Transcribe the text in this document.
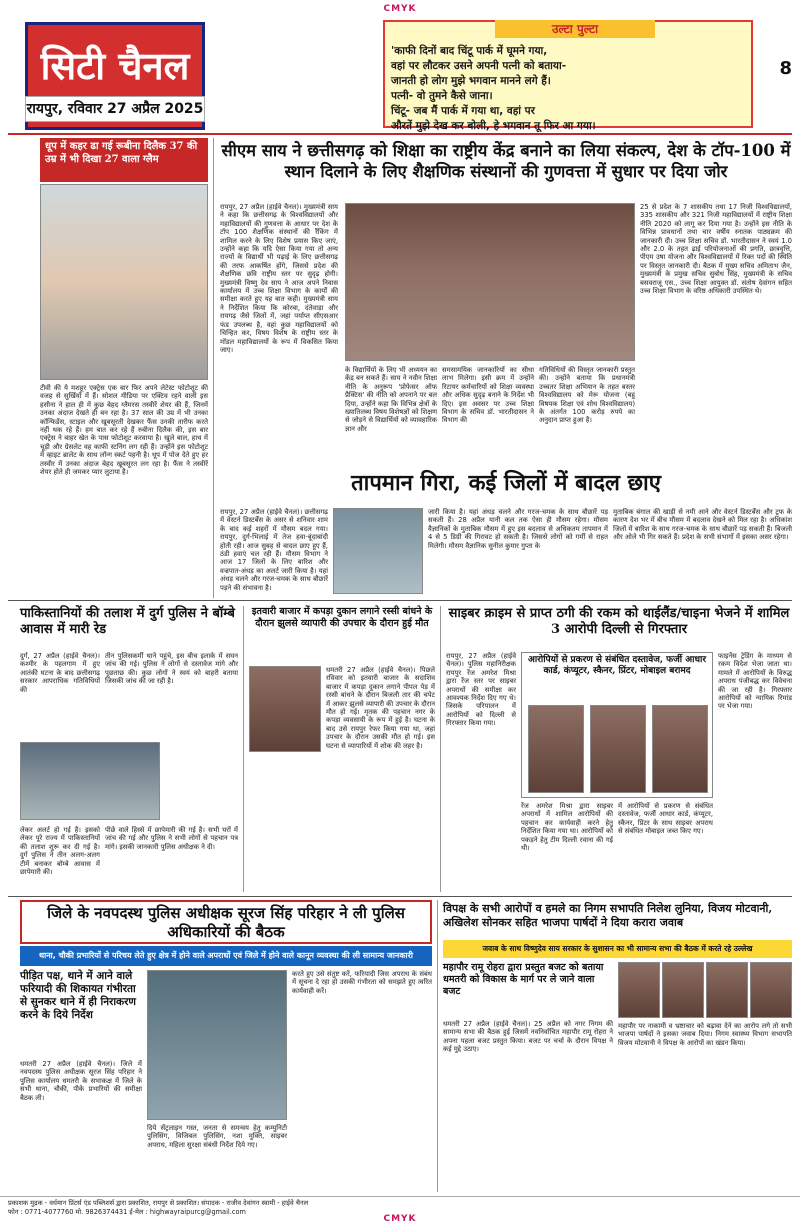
CMYK
सिटी चैनल
रायपुर, रविवार 27 अप्रैल 2025
उल्टा पुल्टा
'काफी दिनों बाद चिंटू पार्क में घूमने गया,
वहां पर लौटकर उसने अपनी पत्नी को बताया-
जानती हो लोग मुझे भगवान मानने लगे हैं।
पत्नी- वो तुमने कैसे जाना।
चिंटू- जब मैं पार्क में गया था, वहां पर
औरतें मुझे देख कर बोली, हे भगवान तू फिर आ गया।
8
धूप में कहर ढा गई रूबीना दिलैक 37 की उम्र में भी दिखा 27 वाला ग्लैम
टीवी की ये मशहूर एक्ट्रेस एक बार फिर अपने लेटेस्ट फोटोशूट की वजह से सुर्खियों में हैं। सोशल मीडिया पर एक्टिव रहने वाली इस हसीना ने हाल ही में कुछ बेहद ग्लैमरस तस्वीरें शेयर की हैं, जिनमें उनका अंदाज देखते ही बन रहा है। 37 साल की उम्र में भी उनका कॉन्फिडेंस, स्टाइल और खूबसूरती देखकर फैंस उनकी तारीफ करते नहीं थक रहे हैं। हम बात कर रहे हैं रुबीना दिलैक की, इस बार एक्ट्रेस ने बाहर खेत के पास फोटोशूट करवाया है। खुले बाल, हाथ में चूड़ी और ग्रेसलेट वह काफी स्टनिंग लग रही हैं। उन्होंने इस फोटोशूट में व्हाइट ब्रालेट के साथ लॉन्ग स्कर्ट पहनी है। धूप में पोज देते हुए हर तस्वीर में उनका अंदाज बेहद खूबसूरत लग रहा है। फैंस ने तस्वीरें शेयर होते ही जमकर प्यार लुटाया है।
सीएम साय ने छत्तीसगढ़ को शिक्षा का राष्ट्रीय केंद्र बनाने का लिया संकल्प, देश के टॉप-100 में स्थान दिलाने के लिए शैक्षणिक संस्थानों की गुणवत्ता में सुधार पर दिया जोर
रायपुर, 27 अप्रैल (हाईवे चैनल)। मुख्यमंत्री साय ने कहा कि छत्तीसगढ़ के विश्वविद्यालयों और महाविद्यालयों की गुणवत्ता के आधार पर देश के टॉप 100 शैक्षणिक संस्थानों की रैंकिंग में शामिल करने के लिए विशेष प्रयास किए जाएं, उन्होंने कहा कि यदि ऐसा किया गया तो अन्य राज्यों के विद्यार्थी भी पढ़ाई के लिए छत्तीसगढ़ की तरफ आकर्षित होंगे, जिससे प्रदेश की शैक्षणिक छवि राष्ट्रीय स्तर पर सुदृढ़ होगी। मुख्यमंत्री विष्णु देव साय ने आज अपने निवास कार्यालय में उच्च शिक्षा विभाग के कार्यों की समीक्षा करते हुए यह बात कही। मुख्यमंत्री साय ने निर्देशित किया कि कोरबा, दंतेवाड़ा और रायगढ़ जैसे जिलों में, जहां पर्याप्त सीएसआर फंड उपलब्ध है, वहां कुछ महाविद्यालयों को चिन्हित कर, विषय विशेष के राष्ट्रीय स्तर के मॉडल महाविद्यालयों के रूप में विकसित किया जाए।
के विद्यार्थियों के लिए भी अध्ययन का केंद्र बन सकते हैं। साय ने नवीन शिक्षा नीति के अनुरूप 'प्रोफेसर ऑफ प्रैक्टिस' की नीति को अपनाने पर बल दिया, उन्होंने कहा कि विभिन्न क्षेत्रों के ख्यातिलब्ध विषय विशेषज्ञों को शिक्षण से जोड़ने से विद्यार्थियों को व्यावहारिक ज्ञान और
समसामयिक जानकारियों का सीधा लाभ मिलेगा। इसी क्रम में उन्होंने रिटायर कर्मचारियों को शिक्षा व्यवस्था और अधिक सुदृढ़ बनाने के निर्देश भी दिए। इस अवसर पर उच्च शिक्षा विभाग के सचिव डॉ. भारतीदासन ने विभाग की
गतिविधियों की विस्तृत जानकारी प्रस्तुत की। उन्होंने बताया कि प्रधानमंत्री उच्चतर शिक्षा अभियान के तहत बस्तर विश्वविद्यालय को मेरू योजना (बहु विषयक शिक्षा एवं शोध विश्वविद्यालय) के अंतर्गत 100 करोड़ रुपये का अनुदान प्राप्त हुआ है।
25 से प्रदेश के 7 शासकीय तथा 17 निजी विश्वविद्यालयों, 335 शासकीय और 321 निजी महाविद्यालयों में राष्ट्रीय शिक्षा नीति 2020 को लागू कर दिया गया है। उन्होंने इस नीति के विभिन्न प्रावधानों तथा चार वर्षीय स्नातक पाठ्यक्रम की जानकारी दी। उच्च शिक्षा सचिव डॉ. भारतीदासन ने स्वयं 1.0 और 2.0 के तहत ढ़ाई परियोजनाओं की प्रगति, छात्रवृत्ति, पीएम उषा योजना और विश्वविद्यालयों में रिक्त पदों की स्थिति पर विस्तृत जानकारी दी। बैठक में मुख्य सचिव अमिताभ जैन, मुख्यमंत्री के प्रमुख सचिव सुबोध सिंह, मुख्यमंत्री के सचिव बसवराजू एस., उच्च शिक्षा आयुक्त डॉ. संतोष देवांगन सहित उच्च शिक्षा विभाग के वरिष्ठ अधिकारी उपस्थित थे।
तापमान गिरा, कई जिलों में बादल छाए
रायपुर, 27 अप्रैल (हाईवे चैनल)। छत्तीसगढ़ में वेस्टर्न डिस्टर्बेंस के असर से शनिवार शाम के बाद कई शहरों में मौसम बदल गया। रायपुर, दुर्ग-भिलाई में तेज हवा-बूंदाबांदी होती रही। आज सुबह से बादल छाए हुए हैं, ठंडी हवाएं चल रही हैं। मौसम विभाग ने आज 17 जिलों के लिए बारिश और वज्रपात-अंधड़ का अलर्ट जारी किया है। यहां अंधड़ चलने और गरज-चमक के साथ बौछारें पड़ने की संभावना है।
जारी किया है। यहां अंधड़ चलने और गरज-चमक के साथ बौछारें पड़ सकती हैं। 28 अप्रैल यानी कल तक ऐसा ही मौसम रहेगा। मौसम वैज्ञानिकों के मुताबिक मौसम में हुए इस बदलाव से अधिकतम तापमान में 4 से 5 डिग्री की गिरावट हो सकती है। जिससे लोगों को गर्मी से राहत मिलेगी। मौसम वैज्ञानिक सुनील कुमार गुप्ता के
मुताबिक बंगाल की खाड़ी से नमी आने और वेस्टर्न डिस्टर्बेंस और ट्रफ के कारण देश भर में बीच मौसम में बदलाव देखने को मिल रहा है। अधिकांश जिलों में बारिश के साथ गरज-चमक के साथ बौछारें पड़ सकती हैं। बिजली और ओले भी गिर सकते हैं। प्रदेश के सभी संभागों में इसका असर रहेगा।
पाकिस्तानियों की तलाश में दुर्ग पुलिस ने बॉम्बे आवास में मारी रेड
दुर्ग, 27 अप्रैल (हाईवे चैनल)। कश्मीर के पहलगाम में हुए आतंकी घटना के बाद छत्तीसगढ़ सरकार आपराधिक गतिविधियों की
तीन पुलिसकर्मी थाने पहुंचे, इस बीच इलाके में सघन जांच की गई। पुलिस ने लोगों से दस्तावेज मांगे और पूछताछ की। कुछ लोगों ने स्वयं को बाहरी बताया जिसकी जांच की जा रही है।
लेकर अलर्ट हो गई है। इसको लेकर पूरे राज्य में पाकिस्तानियों की तलाश शुरू कर दी गई है। दुर्ग पुलिस ने तीन अलग-अलग टीमें बनाकर बॉम्बे आवास में छापेमारी की।
पीछे वाले हिस्से में छापेमारी की गई है। सभी घरों में जांच की गई और पुलिस ने सभी लोगों से पहचान पत्र मांगे। इसकी जानकारी पुलिस अधीक्षक ने दी।
इतवारी बाजार में कपड़ा दुकान लगाने रस्सी बांधने के दौरान झुलसे व्यापारी की उपचार के दौरान हुई मौत
धमतरी 27 अप्रैल (हाईवे चैनल)। पिछले रविवार को इतवारी बाजार के सदाशिव बाजार में कपड़ा दुकान लगाने पीपल पेड़ में रस्सी बांधने के दौरान बिजली तार की चपेट में आकर झुलसे व्यापारी की उपचार के दौरान मौत हो गई। मृतक की पहचान नगर के कपड़ा व्यवसायी के रूप में हुई है। घटना के बाद उसे रायपुर रेफर किया गया था, जहां उपचार के दौरान उसकी मौत हो गई। इस घटना से व्यापारियों में शोक की लहर है।
साइबर क्राइम से प्राप्त ठगी की रकम को थाईलैंड/चाइना भेजने में शामिल 3 आरोपी दिल्ली से गिरफ्तार
रायपुर, 27 अप्रैल (हाईवे चैनल)। पुलिस महानिरीक्षक रायपुर रेंज अमरेश मिश्रा द्वारा रेंज स्तर पर साइबर अपराधों की समीक्षा कर आवश्यक निर्देश दिए गए थे। जिसके परिपालन में आरोपियों को दिल्ली से गिरफ्तार किया गया।
आरोपियों से प्रकरण से संबंधित दस्तावेज, फर्जी आधार कार्ड, कंप्यूटर, स्कैनर, प्रिंटर, मोबाइल बरामद
रेंज अमरेश मिश्रा द्वारा साइबर अपराधों में शामिल आरोपियों की पहचान कर कार्यवाही करने हेतु निर्देशित किया गया था। आरोपियों को पकड़ने हेतु टीम दिल्ली रवाना की गई थी।
में आरोपियों से प्रकरण से संबंधित दस्तावेज, फर्जी आधार कार्ड, कंप्यूटर, स्कैनर, प्रिंटर के साथ साइबर अपराध से संबंधित मोबाइल जब्त किए गए।
फाइनेंस ट्रेडिंग के माध्यम से रकम विदेश भेजा जाता था। मामले में आरोपियों के विरुद्ध अपराध पंजीबद्ध कर विवेचना की जा रही है। गिरफ्तार आरोपियों को न्यायिक रिमांड पर भेजा गया।
जिले के नवपदस्थ पुलिस अधीक्षक सूरज सिंह परिहार ने ली पुलिस अधिकारियों की बैठक
थाना, चौकी प्रभारियों से परिचय लेते हुए क्षेत्र में होने वाले अपराधों एवं जिले में होने वाले कानून व्यवस्था की ली सामान्य जानकारी
पीड़ित पक्ष, थाने में आने वाले फरियादी की शिकायत गंभीरता से सुनकर थाने में ही निराकरण करने के दिये निर्देश
धमतरी 27 अप्रैल (हाईवे चैनल)। जिले में नवपदस्थ पुलिस अधीक्षक सूरज सिंह परिहार ने पुलिस कार्यालय धमतरी के सभाकक्ष में जिले के सभी थाना, चौकी, पीके प्रभारियों की समीक्षा बैठक ली।
दिये सेंट्रलाइन गस्त, जनता से समन्वय हेतु कम्युनिटी पुलिसिंग, विजिबल पुलिसिंग, नशा मुक्ति, साइबर अपराध, महिला सुरक्षा संबंधी निर्देश दिये गए।
करते हुए उसे संतुष्ट करें, फरियादी जिस अपराध के संबंध में सूचना दे रहा हो उसकी गंभीरता को समझते हुए त्वरित कार्यवाही करें।
विपक्ष के सभी आरोपों व हमले का निगम सभापति निलेश लुनिया, विजय मोटवानी, अखिलेश सोनकर सहित भाजपा पार्षदों ने दिया करारा जवाब
जवाब के साथ विष्णुदेव साय सरकार के सुशासन का भी सामान्य सभा की बैठक में करते रहे उल्लेख
महापौर रामू रोहरा द्वारा प्रस्तुत बजट को बताया धमतरी को विकास के मार्ग पर ले जाने वाला बजट
धमतरी 27 अप्रैल (हाईवे चैनल)। 25 अप्रैल को नगर निगम की सामान्य सभा की बैठक हुई जिसमें नवनिर्वाचित महापौर रामू रोहरा ने अपना पहला बजट प्रस्तुत किया। बजट पर चर्चा के दौरान विपक्ष ने कई मुद्दे उठाए।
महापौर पर नाकामी व भ्रष्टाचार को बढ़ावा देने का आरोप लगे तो सभी भाजपा पार्षदों ने इसका जवाब दिया। निगम स्वास्थ्य विभाग सभापति विजय मोटवानी ने विपक्ष के आरोपों का खंडन किया।
प्रकाशक मुद्रक - वर्धमान प्रिंटर्स एंड पब्लिशर्स द्वारा प्रकाशित, रायपुर से प्रकाशित। संपादक - राजीव देवांगन स्वामी - हाईवे चैनल
फोन : 0771-4077760 मो. 9826374431 ई-मेल : highwayraipurcg@gmail.com
CMYK
